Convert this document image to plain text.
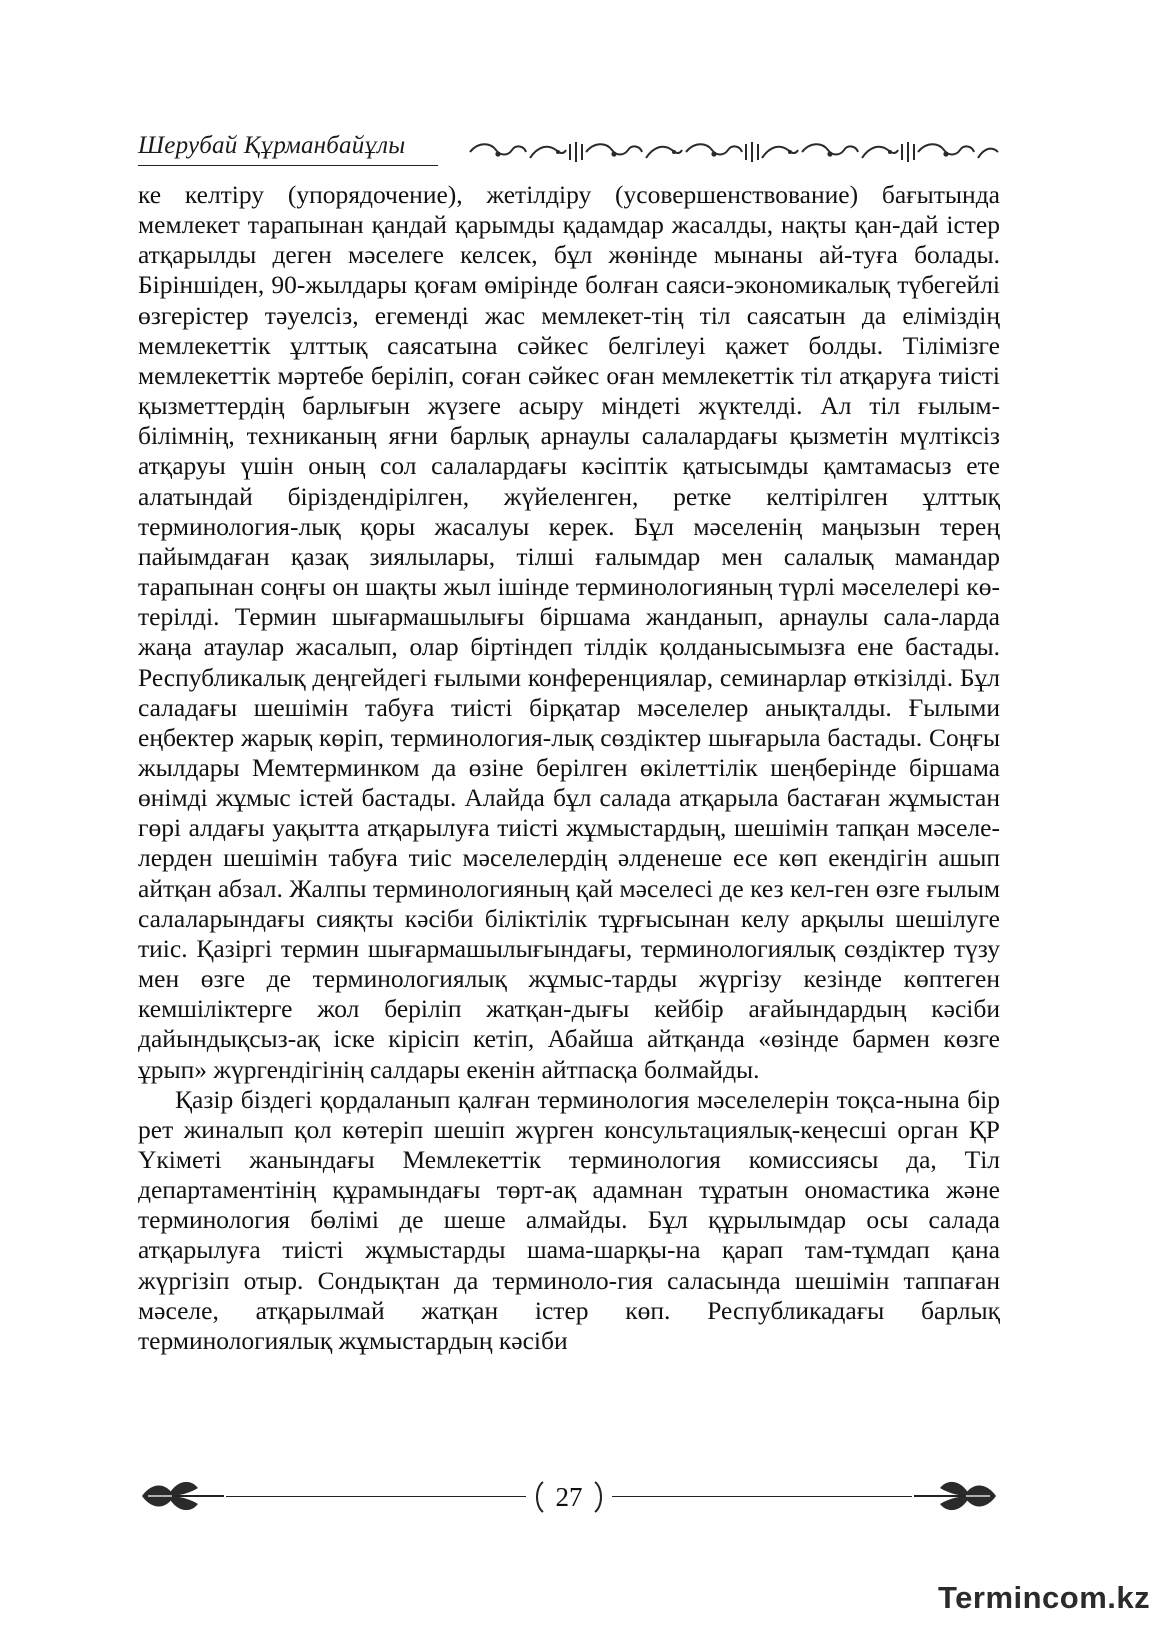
Шерубай Құрманбайұлы

ке келтіру (упорядочение), жетілдіру (усовершенствование) бағытында мемлекет тарапынан қандай қарымды қадамдар жасалды, нақты қан-дай істер атқарылды деген мәселеге келсек, бұл жөнінде мынаны ай-туға болады. Біріншіден, 90-жылдары қоғам өмірінде болған саяси-экономикалық түбегейлі өзгерістер тәуелсіз, егеменді жас мемлекет-тің тіл саясатын да еліміздің мемлекеттік ұлттық саясатына сәйкес белгілеуі қажет болды. Тілімізге мемлекеттік мәртебе беріліп, соған сәйкес оған мемлекеттік тіл атқаруға тиісті қызметтердің барлығын жүзеге асыру міндеті жүктелді. Ал тіл ғылым-білімнің, техниканың яғни барлық арнаулы салалардағы қызметін мүлтіксіз атқаруы үшін оның сол салалардағы кәсіптік қатысымды қамтамасыз ете алатындай біріздендірілген, жүйеленген, ретке келтірілген ұлттық терминология-лық қоры жасалуы керек. Бұл мәселенің маңызын терең пайымдаған қазақ зиялылары, тілші ғалымдар мен салалық мамандар тарапынан соңғы он шақты жыл ішінде терминологияның түрлі мәселелері кө-терілді. Термин шығармашылығы біршама жанданып, арнаулы сала-ларда жаңа атаулар жасалып, олар біртіндеп тілдік қолданысымызға ене бастады. Республикалық деңгейдегі ғылыми конференциялар, семинарлар өткізілді. Бұл саладағы шешімін табуға тиісті бірқатар мәселелер анықталды. Ғылыми еңбектер жарық көріп, терминология-лық сөздіктер шығарыла бастады. Соңғы жылдары Мемтерминком да өзіне берілген өкілеттілік шеңберінде біршама өнімді жұмыс істей бастады. Алайда бұл салада атқарыла бастаған жұмыстан гөрі алдағы уақытта атқарылуға тиісті жұмыстардың, шешімін тапқан мәселе-лерден шешімін табуға тиіс мәселелердің әлденеше есе көп екендігін ашып айтқан абзал. Жалпы терминологияның қай мәселесі де кез кел-ген өзге ғылым салаларындағы сияқты кәсіби біліктілік тұрғысынан келу арқылы шешілуге тиіс. Қазіргі термин шығармашылығындағы, терминологиялық сөздіктер түзу мен өзге де терминологиялық жұмыс-тарды жүргізу кезінде көптеген кемшіліктерге жол беріліп жатқан-дығы кейбір ағайындардың кәсіби дайындықсыз-ақ іске кірісіп кетіп, Абайша айтқанда «өзінде бармен көзге ұрып» жүргендігінің салдары екенін айтпасқа болмайды.

Қазір біздегі қордаланып қалған терминология мәселелерін тоқса-нына бір рет жиналып қол көтеріп шешіп жүрген консультациялық-кеңесші орган ҚР Үкіметі жанындағы Мемлекеттік терминология комиссиясы да, Тіл департаментінің құрамындағы төрт-ақ адамнан тұратын ономастика және терминология бөлімі де шеше алмайды. Бұл құрылымдар осы салада атқарылуға тиісті жұмыстарды шама-шарқы-на қарап там-тұмдап қана жүргізіп отыр. Сондықтан да терминоло-гия саласында шешімін таппаған мәселе, атқарылмай жатқан істер көп. Республикадағы барлық терминологиялық жұмыстардың кәсіби

27
Termincom.kz
